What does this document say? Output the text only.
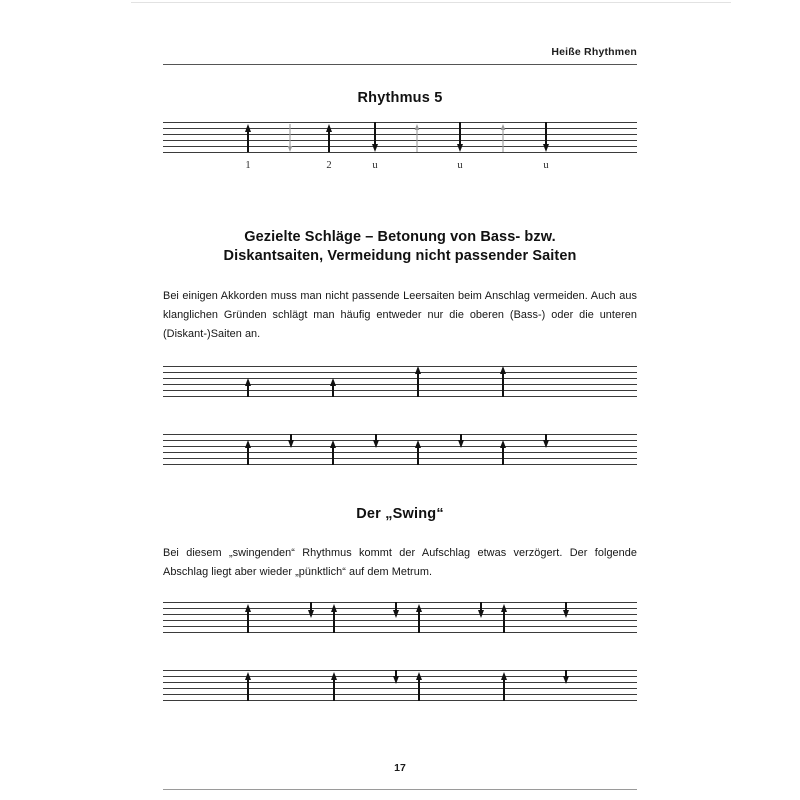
Heiße Rhythmen
Rhythmus 5
1	2	u	u	u
Gezielte Schläge – Betonung von Bass- bzw.
Diskantsaiten, Vermeidung nicht passender Saiten
Bei einigen Akkorden muss man nicht passende Leersaiten beim Anschlag vermeiden. Auch aus klanglichen Gründen schlägt man häufig entweder nur die oberen (Bass-) oder die unteren (Diskant-)Saiten an.
Der „Swing“
Bei diesem „swingenden“ Rhythmus kommt der Aufschlag etwas verzögert. Der folgende Abschlag liegt aber wieder „pünktlich“ auf dem Metrum.
17
